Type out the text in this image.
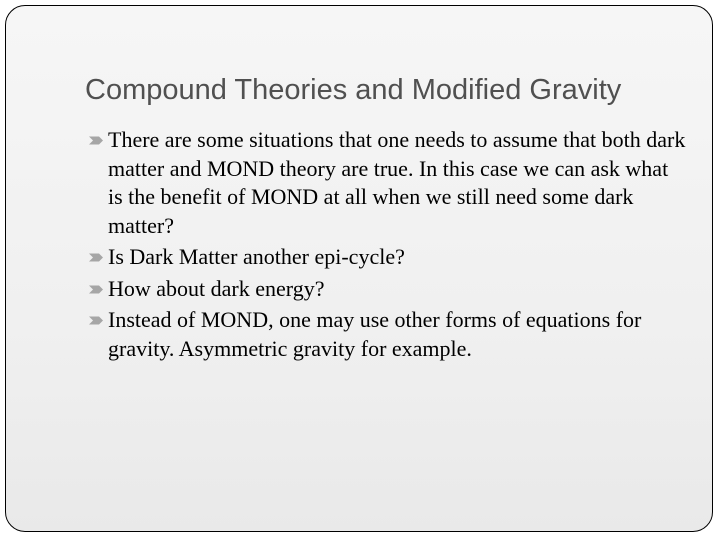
Compound Theories and Modified Gravity
There are some situations that one needs to assume that both dark matter and MOND theory are true. In this case we can ask what is the benefit of MOND at all when we still need some dark matter?
Is Dark Matter another epi-cycle?
How about dark energy?
Instead of MOND, one may use other forms of equations for gravity. Asymmetric gravity for example.
